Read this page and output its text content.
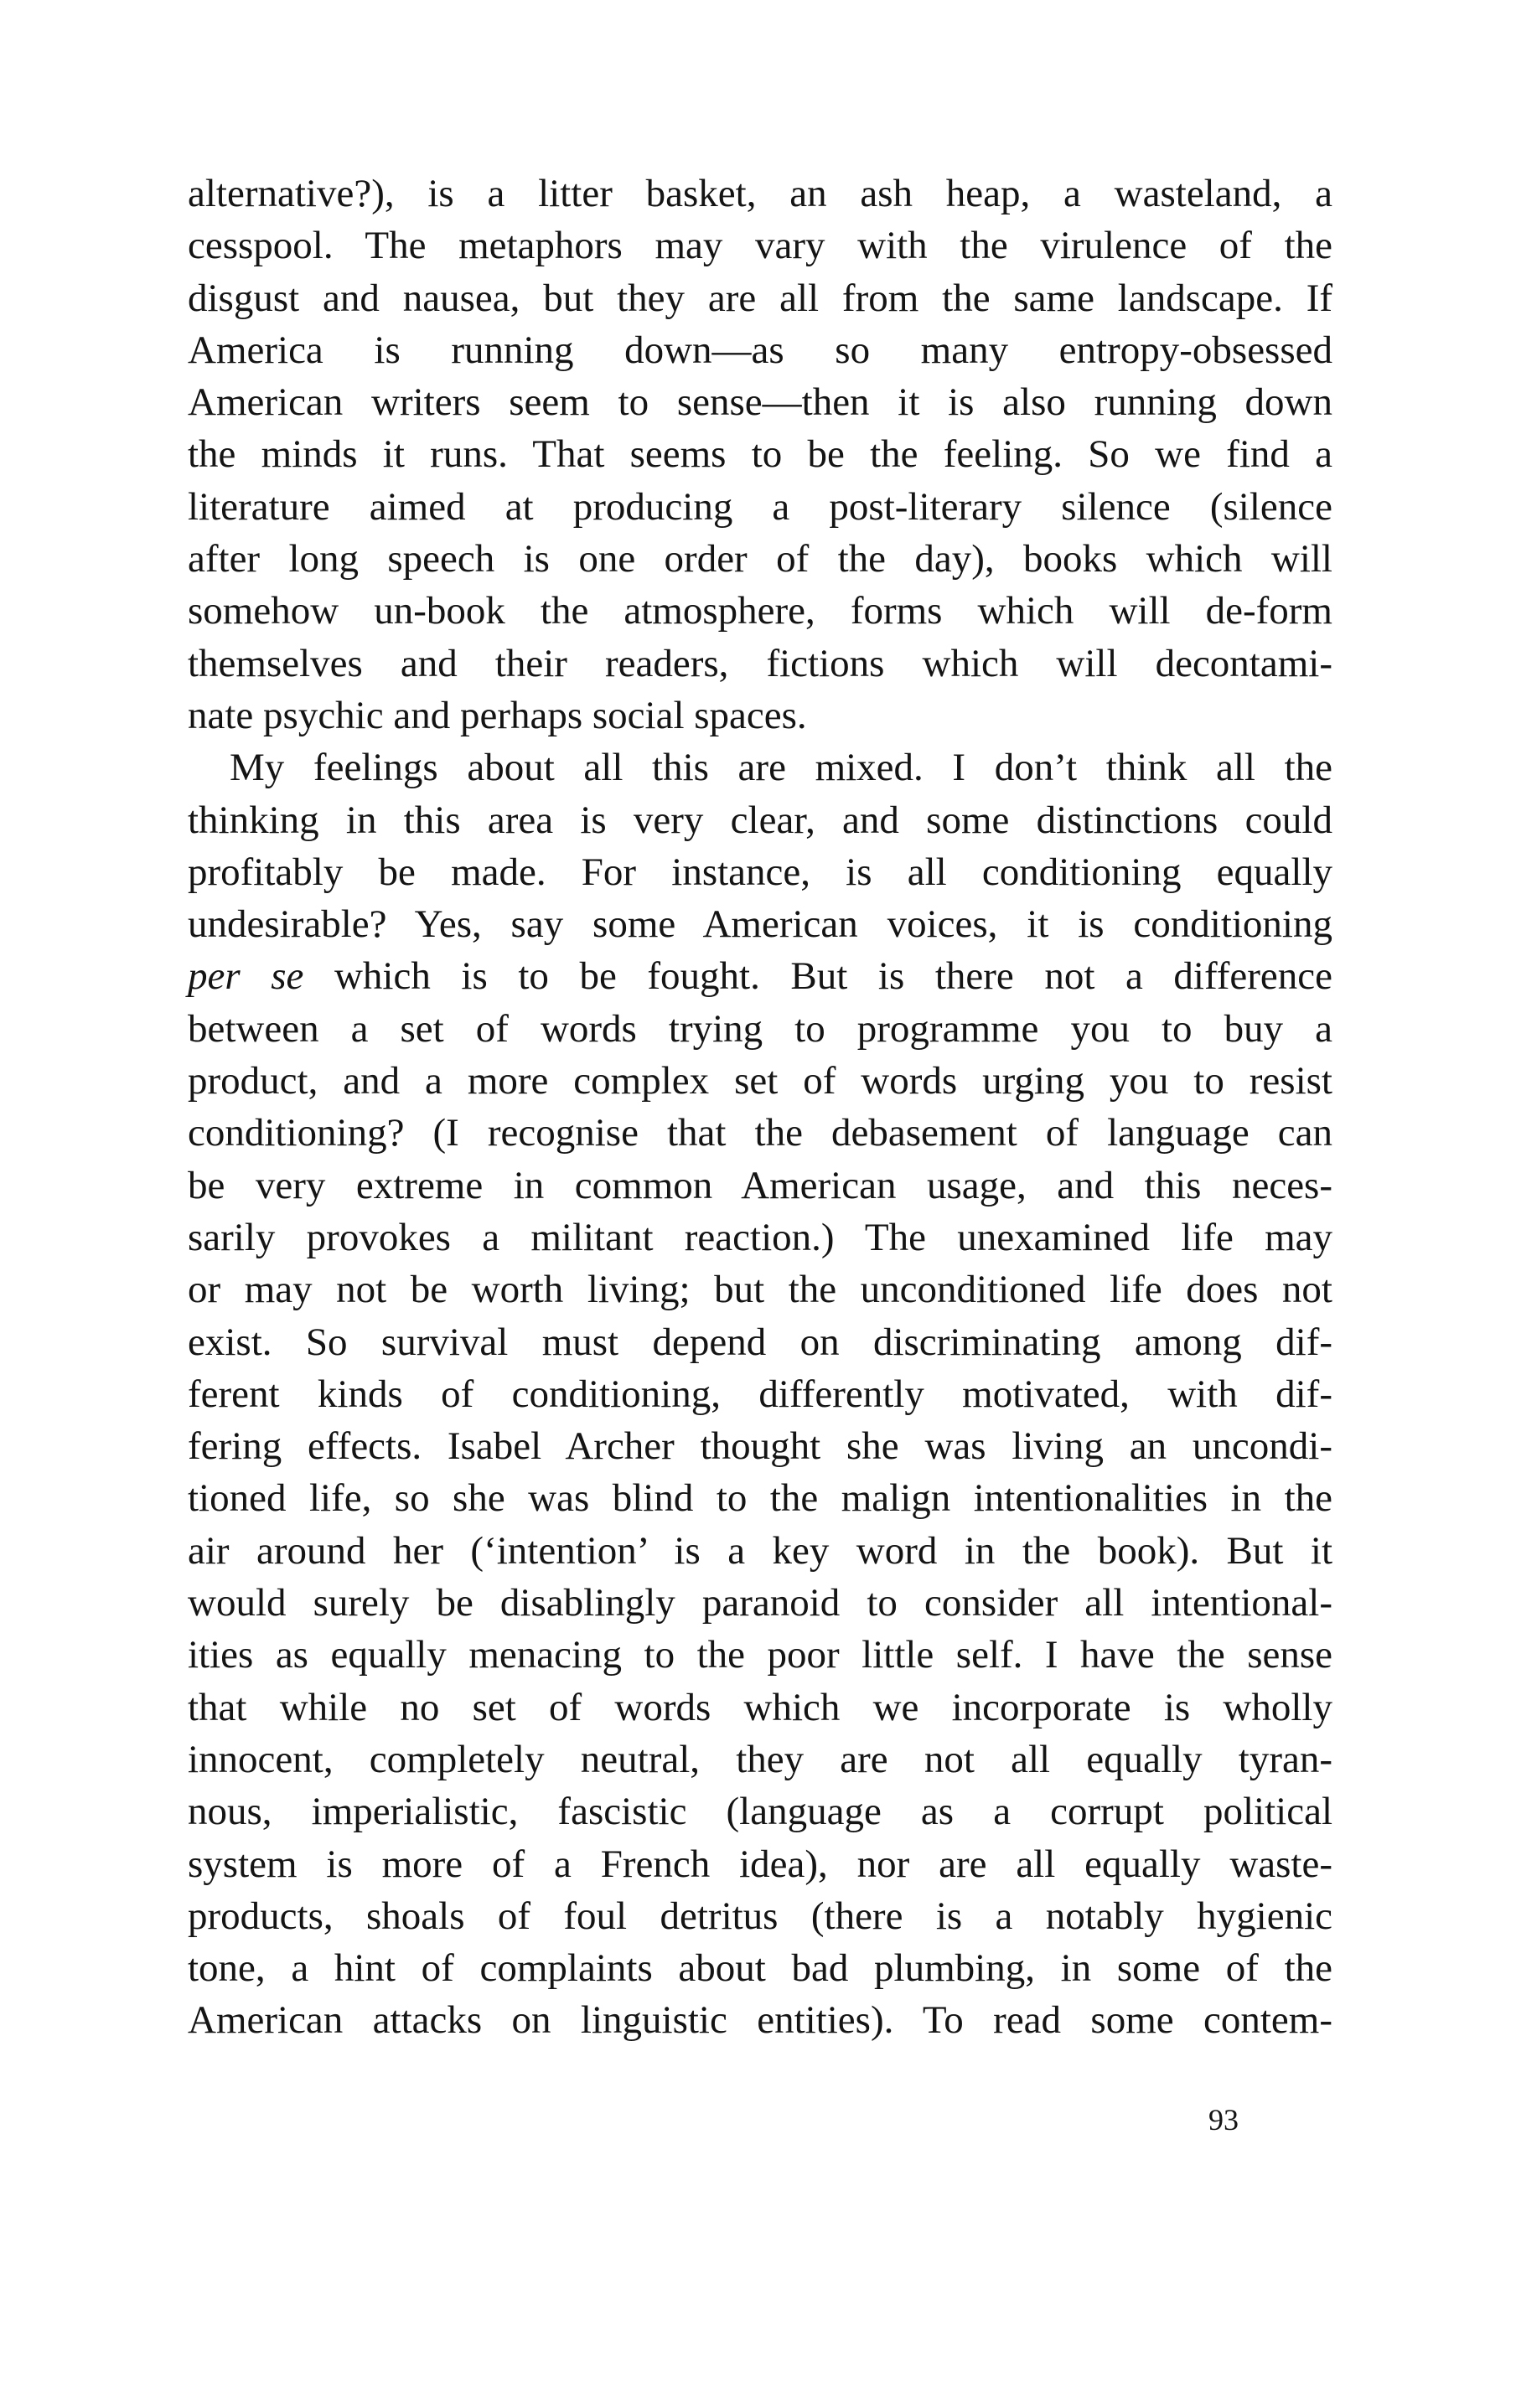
alternative?), is a litter basket, an ash heap, a wasteland, a
cesspool. The metaphors may vary with the virulence of the
disgust and nausea, but they are all from the same landscape. If
America is running down—as so many entropy-obsessed
American writers seem to sense—then it is also running down
the minds it runs. That seems to be the feeling. So we find a
literature aimed at producing a post-literary silence (silence
after long speech is one order of the day), books which will
somehow un-book the atmosphere, forms which will de-form
themselves and their readers, fictions which will decontami-
nate psychic and perhaps social spaces.
My feelings about all this are mixed. I don’t think all the
thinking in this area is very clear, and some distinctions could
profitably be made. For instance, is all conditioning equally
undesirable? Yes, say some American voices, it is conditioning
per se which is to be fought. But is there not a difference
between a set of words trying to programme you to buy a
product, and a more complex set of words urging you to resist
conditioning? (I recognise that the debasement of language can
be very extreme in common American usage, and this neces-
sarily provokes a militant reaction.) The unexamined life may
or may not be worth living; but the unconditioned life does not
exist. So survival must depend on discriminating among dif-
ferent kinds of conditioning, differently motivated, with dif-
fering effects. Isabel Archer thought she was living an uncondi-
tioned life, so she was blind to the malign intentionalities in the
air around her (‘intention’ is a key word in the book). But it
would surely be disablingly paranoid to consider all intentional-
ities as equally menacing to the poor little self. I have the sense
that while no set of words which we incorporate is wholly
innocent, completely neutral, they are not all equally tyran-
nous, imperialistic, fascistic (language as a corrupt political
system is more of a French idea), nor are all equally waste-
products, shoals of foul detritus (there is a notably hygienic
tone, a hint of complaints about bad plumbing, in some of the
American attacks on linguistic entities). To read some contem-
93
